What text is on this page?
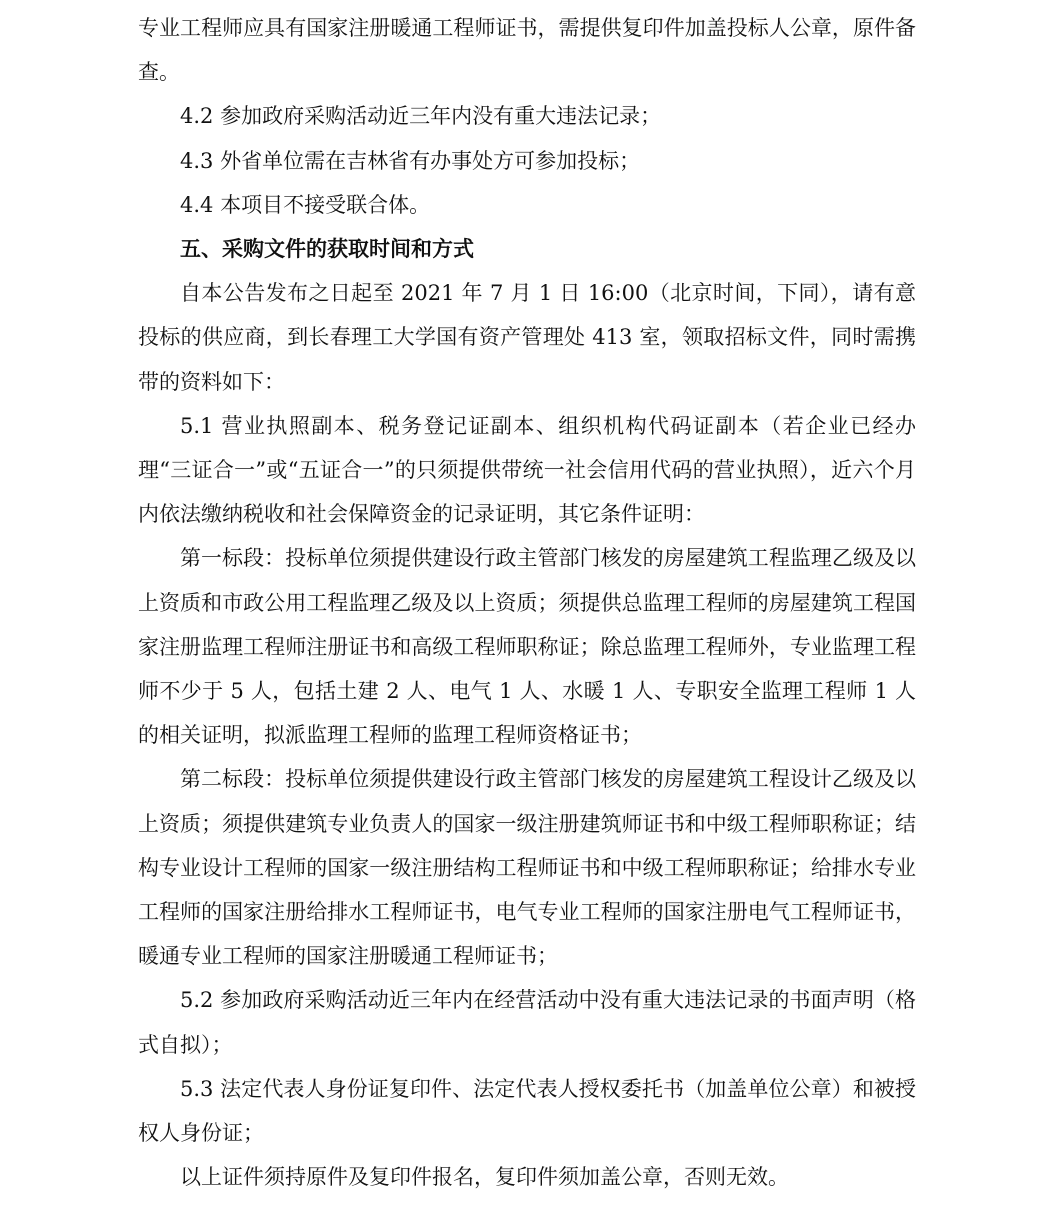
专业工程师应具有国家注册暖通工程师证书，需提供复印件加盖投标人公章，原件备查。

4.2 参加政府采购活动近三年内没有重大违法记录；

4.3 外省单位需在吉林省有办事处方可参加投标；

4.4 本项目不接受联合体。

五、采购文件的获取时间和方式

自本公告发布之日起至 2021 年 7 月 1 日 16:00（北京时间，下同），请有意投标的供应商，到长春理工大学国有资产管理处 413 室，领取招标文件，同时需携带的资料如下：

5.1 营业执照副本、税务登记证副本、组织机构代码证副本（若企业已经办理“三证合一”或“五证合一”的只须提供带统一社会信用代码的营业执照），近六个月内依法缴纳税收和社会保障资金的记录证明，其它条件证明：

第一标段：投标单位须提供建设行政主管部门核发的房屋建筑工程监理乙级及以上资质和市政公用工程监理乙级及以上资质；须提供总监理工程师的房屋建筑工程国家注册监理工程师注册证书和高级工程师职称证；除总监理工程师外，专业监理工程师不少于 5 人，包括土建 2 人、电气 1 人、水暖 1 人、专职安全监理工程师 1 人的相关证明，拟派监理工程师的监理工程师资格证书；

第二标段：投标单位须提供建设行政主管部门核发的房屋建筑工程设计乙级及以上资质；须提供建筑专业负责人的国家一级注册建筑师证书和中级工程师职称证；结构专业设计工程师的国家一级注册结构工程师证书和中级工程师职称证；给排水专业工程师的国家注册给排水工程师证书，电气专业工程师的国家注册电气工程师证书，暖通专业工程师的国家注册暖通工程师证书；

5.2 参加政府采购活动近三年内在经营活动中没有重大违法记录的书面声明（格式自拟）；

5.3 法定代表人身份证复印件、法定代表人授权委托书（加盖单位公章）和被授权人身份证；

以上证件须持原件及复印件报名，复印件须加盖公章，否则无效。
